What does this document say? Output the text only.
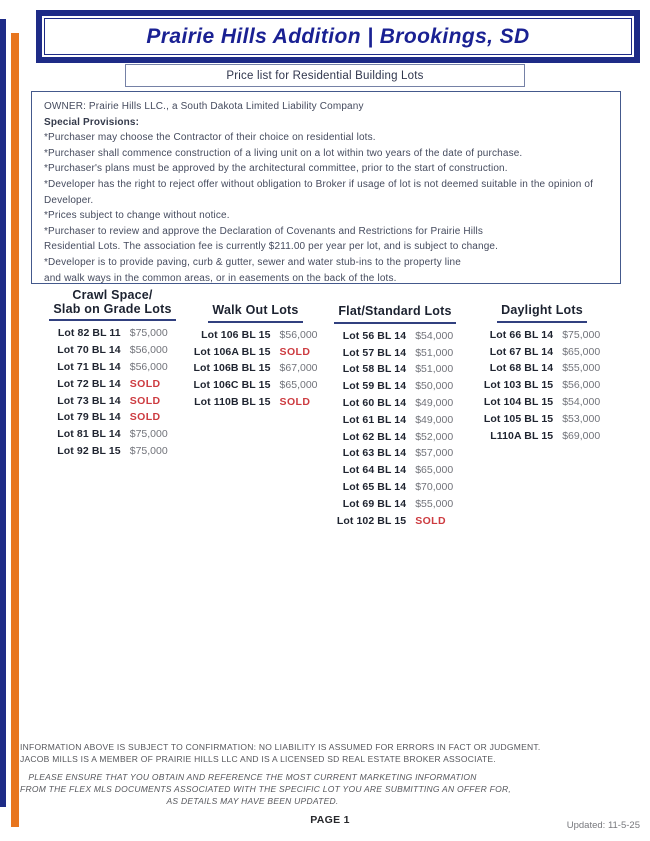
Prairie Hills Addition | Brookings, SD
Price list for Residential Building Lots
OWNER: Prairie Hills LLC., a South Dakota Limited Liability Company
Special Provisions:
*Purchaser may choose the Contractor of their choice on residential lots.
*Purchaser shall commence construction of a living unit on a lot within two years of the date of purchase.
*Purchaser's plans must be approved by the architectural committee, prior to the start of construction.
*Developer has the right to reject offer without obligation to Broker if usage of lot is not deemed suitable in the opinion of
Developer.
*Prices subject to change without notice.
*Purchaser to review and approve the Declaration of Covenants and Restrictions for Prairie Hills
Residential Lots. The association fee is currently $211.00 per year per lot, and is subject to change.
*Developer is to provide paving, curb & gutter, sewer and water stub-ins to the property line
and walk ways in the common areas, or in easements on the back of the lots.
Crawl Space/
Slab on Grade Lots
Lot 82 BL 11 $75,000
Lot 70 BL 14 $56,000
Lot 71 BL 14 $56,000
Lot 72 BL 14 SOLD
Lot 73 BL 14 SOLD
Lot 79 BL 14 SOLD
Lot 81 BL 14 $75,000
Lot 92 BL 15 $75,000
Walk Out Lots
Lot 106 BL 15 $56,000
Lot 106A BL 15 SOLD
Lot 106B BL 15 $67,000
Lot 106C BL 15 $65,000
Lot 110B BL 15 SOLD
Flat/Standard Lots
Lot 56 BL 14 $54,000
Lot 57 BL 14 $51,000
Lot 58 BL 14 $51,000
Lot 59 BL 14 $50,000
Lot 60 BL 14 $49,000
Lot 61 BL 14 $49,000
Lot 62 BL 14 $52,000
Lot 63 BL 14 $57,000
Lot 64 BL 14 $65,000
Lot 65 BL 14 $70,000
Lot 69 BL 14 $55,000
Lot 102 BL 15 SOLD
Daylight Lots
Lot 66 BL 14 $75,000
Lot 67 BL 14 $65,000
Lot 68 BL 14 $55,000
Lot 103 BL 15 $56,000
Lot 104 BL 15 $54,000
Lot 105 BL 15 $53,000
L110A BL 15 $69,000
INFORMATION ABOVE IS SUBJECT TO CONFIRMATION: NO LIABILITY IS ASSUMED FOR ERRORS IN FACT OR JUDGMENT.
JACOB MILLS IS A MEMBER OF PRAIRIE HILLS LLC AND IS A LICENSED SD REAL ESTATE BROKER ASSOCIATE.
PLEASE ENSURE THAT YOU OBTAIN AND REFERENCE THE MOST CURRENT MARKETING INFORMATION
FROM THE FLEX MLS DOCUMENTS ASSOCIATED WITH THE SPECIFIC LOT YOU ARE SUBMITTING AN OFFER FOR,
AS DETAILS MAY HAVE BEEN UPDATED.
PAGE 1	Updated: 11-5-25
